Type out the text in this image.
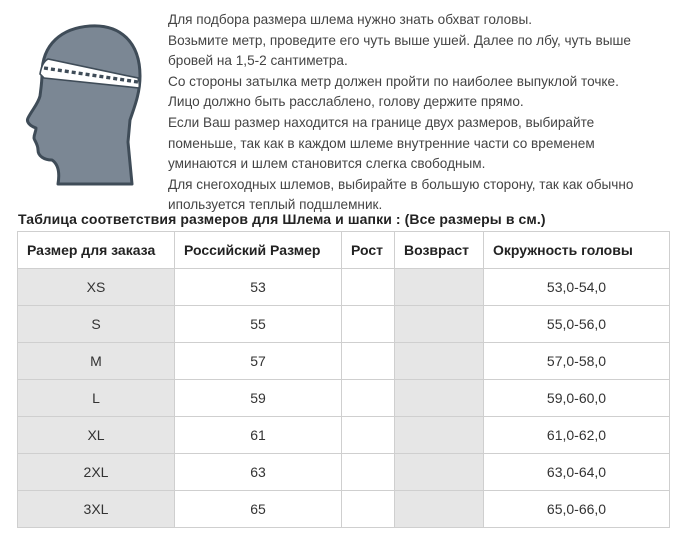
Для подбора размера шлема нужно знать обхват головы.

Возьмите метр, проведите его чуть выше ушей. Далее по лбу, чуть выше

бровей на 1,5-2 сантиметра.

Со стороны затылка метр должен пройти по наиболее выпуклой точке.

Лицо должно быть расслаблено, голову держите прямо.

Если Ваш размер находится на границе двух размеров, выбирайте

поменьше, так как в каждом шлеме внутренние части со временем

уминаются и шлем становится слегка свободным.

Для снегоходных шлемов, выбирайте в большую сторону, так как обычно

ипользуется теплый подшлемник.

Таблица соответствия размеров для Шлема и шапки : (Все размеры в см.)
Размер для заказа	Российский Размер	Рост	Возвраст	Окружность головы
XS	53			53,0-54,0
S	55			55,0-56,0
M	57			57,0-58,0
L	59			59,0-60,0
XL	61			61,0-62,0
2XL	63			63,0-64,0
3XL	65			65,0-66,0
